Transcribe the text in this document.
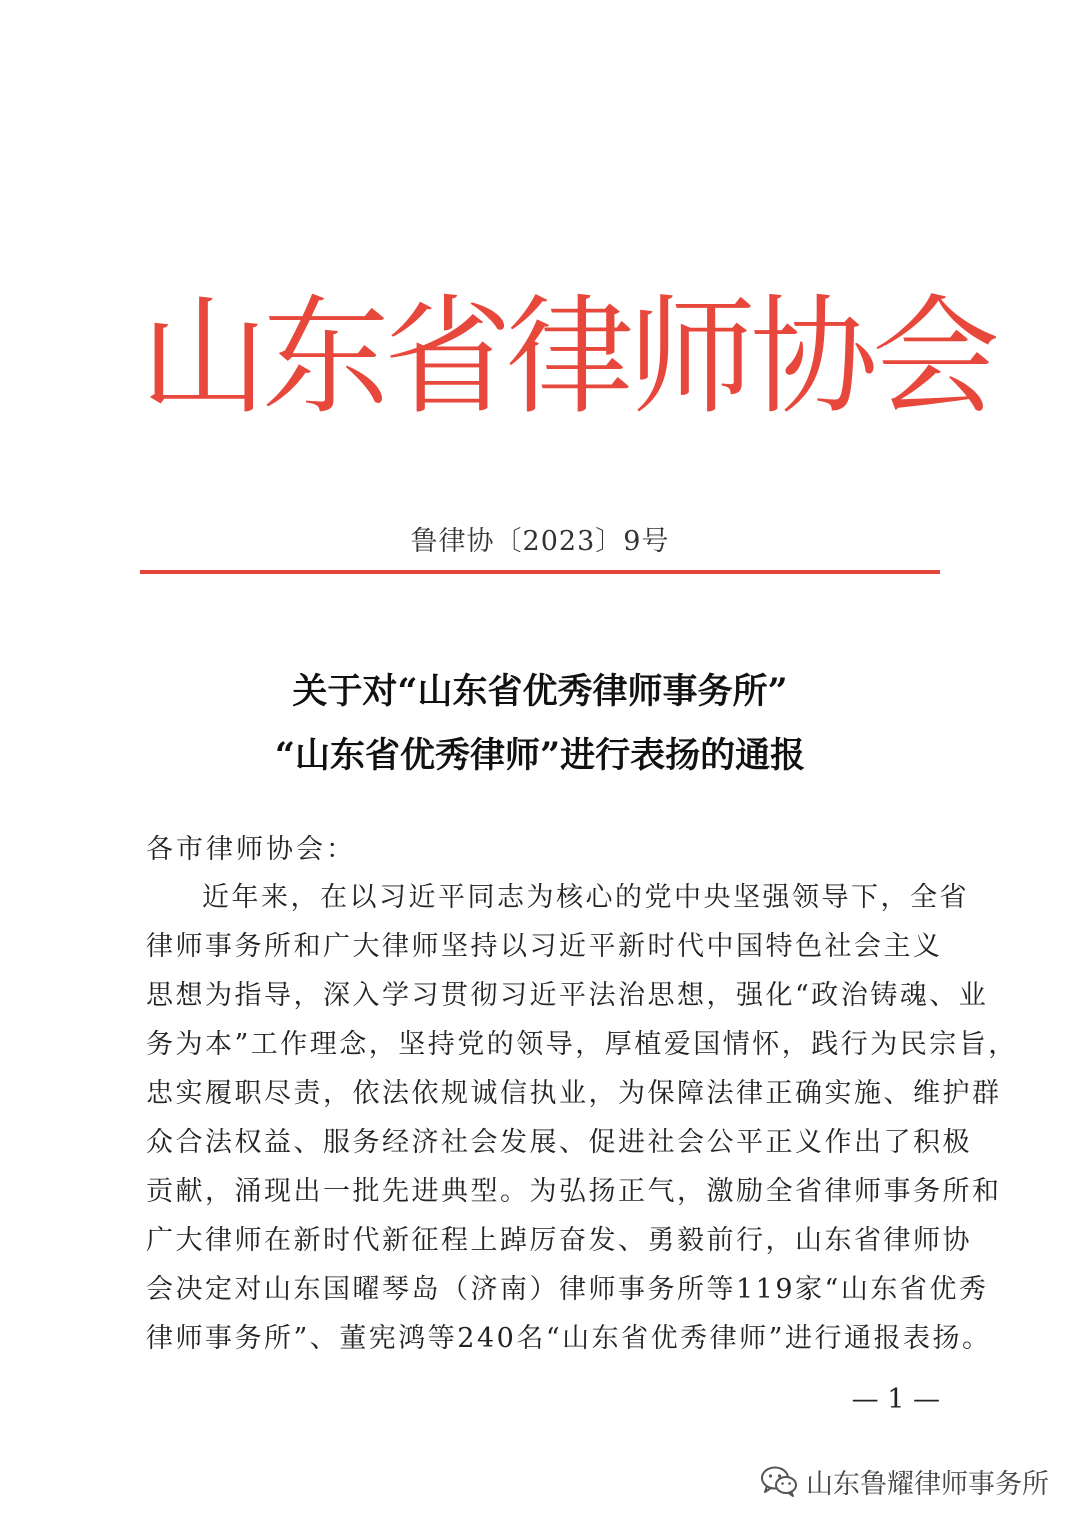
山东省律师协会
鲁律协〔2023〕9号
关于对“山东省优秀律师事务所”
“山东省优秀律师”进行表扬的通报
各市律师协会：
近年来，在以习近平同志为核心的党中央坚强领导下，全省
律师事务所和广大律师坚持以习近平新时代中国特色社会主义
思想为指导，深入学习贯彻习近平法治思想，强化“政治铸魂、业
务为本”工作理念，坚持党的领导，厚植爱国情怀，践行为民宗旨，
忠实履职尽责，依法依规诚信执业，为保障法律正确实施、维护群
众合法权益、服务经济社会发展、促进社会公平正义作出了积极
贡献，涌现出一批先进典型。为弘扬正气，激励全省律师事务所和
广大律师在新时代新征程上踔厉奋发、勇毅前行，山东省律师协
会决定对山东国曜琴岛（济南）律师事务所等119家“山东省优秀
律师事务所”、董宪鸿等240名“山东省优秀律师”进行通报表扬。
— 1 —
山东鲁耀律师事务所
